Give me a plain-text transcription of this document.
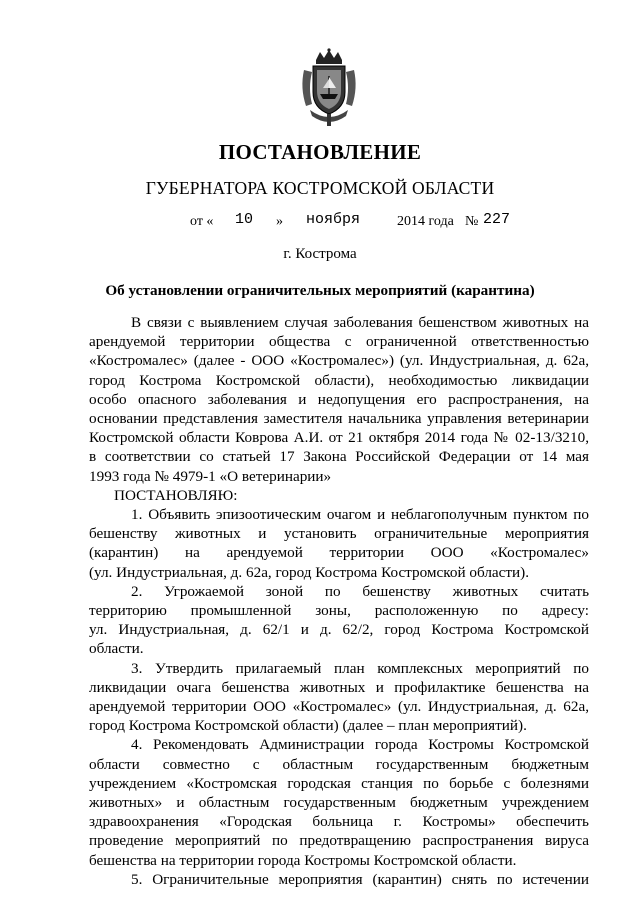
ПОСТАНОВЛЕНИЕ
ГУБЕРНАТОРА КОСТРОМСКОЙ ОБЛАСТИ
от « 10 » ноября	2014 года № 227
г. Кострома
Об установлении ограничительных мероприятий (карантина)

В связи с выявлением случая заболевания бешенством животных на

арендуемой территории общества с ограниченной ответственностью

«Костромалес» (далее - ООО «Костромалес») (ул. Индустриальная, д. 62а,

город Кострома Костромской области), необходимостью ликвидации

особо опасного заболевания и недопущения его распространения, на

основании представления заместителя начальника управления ветеринарии

Костромской области Коврова А.И. от 21 октября 2014 года № 02-13/3210,

в соответствии со статьей 17 Закона Российской Федерации от 14 мая

1993 года № 4979-1 «О ветеринарии»

ПОСТАНОВЛЯЮ:

1. Объявить эпизоотическим очагом и неблагополучным пунктом по

бешенству животных и установить ограничительные мероприятия

(карантин) на арендуемой территории ООО «Костромалес»

(ул. Индустриальная, д. 62а, город Кострома Костромской области).

2. Угрожаемой зоной по бешенству животных считать

территорию промышленной зоны, расположенную по адресу:

ул. Индустриальная, д. 62/1 и д. 62/2, город Кострома Костромской

области.

3. Утвердить прилагаемый план комплексных мероприятий по

ликвидации очага бешенства животных и профилактике бешенства на

арендуемой территории ООО «Костромалес» (ул. Индустриальная, д. 62а,

город Кострома Костромской области) (далее – план мероприятий).

4. Рекомендовать Администрации города Костромы Костромской

области совместно с областным государственным бюджетным

учреждением «Костромская городская станция по борьбе с болезнями

животных» и областным государственным бюджетным учреждением

здравоохранения «Городская больница г. Костромы» обеспечить

проведение мероприятий по предотвращению распространения вируса

бешенства на территории города Костромы Костромской области.

5. Ограничительные мероприятия (карантин) снять по истечении
